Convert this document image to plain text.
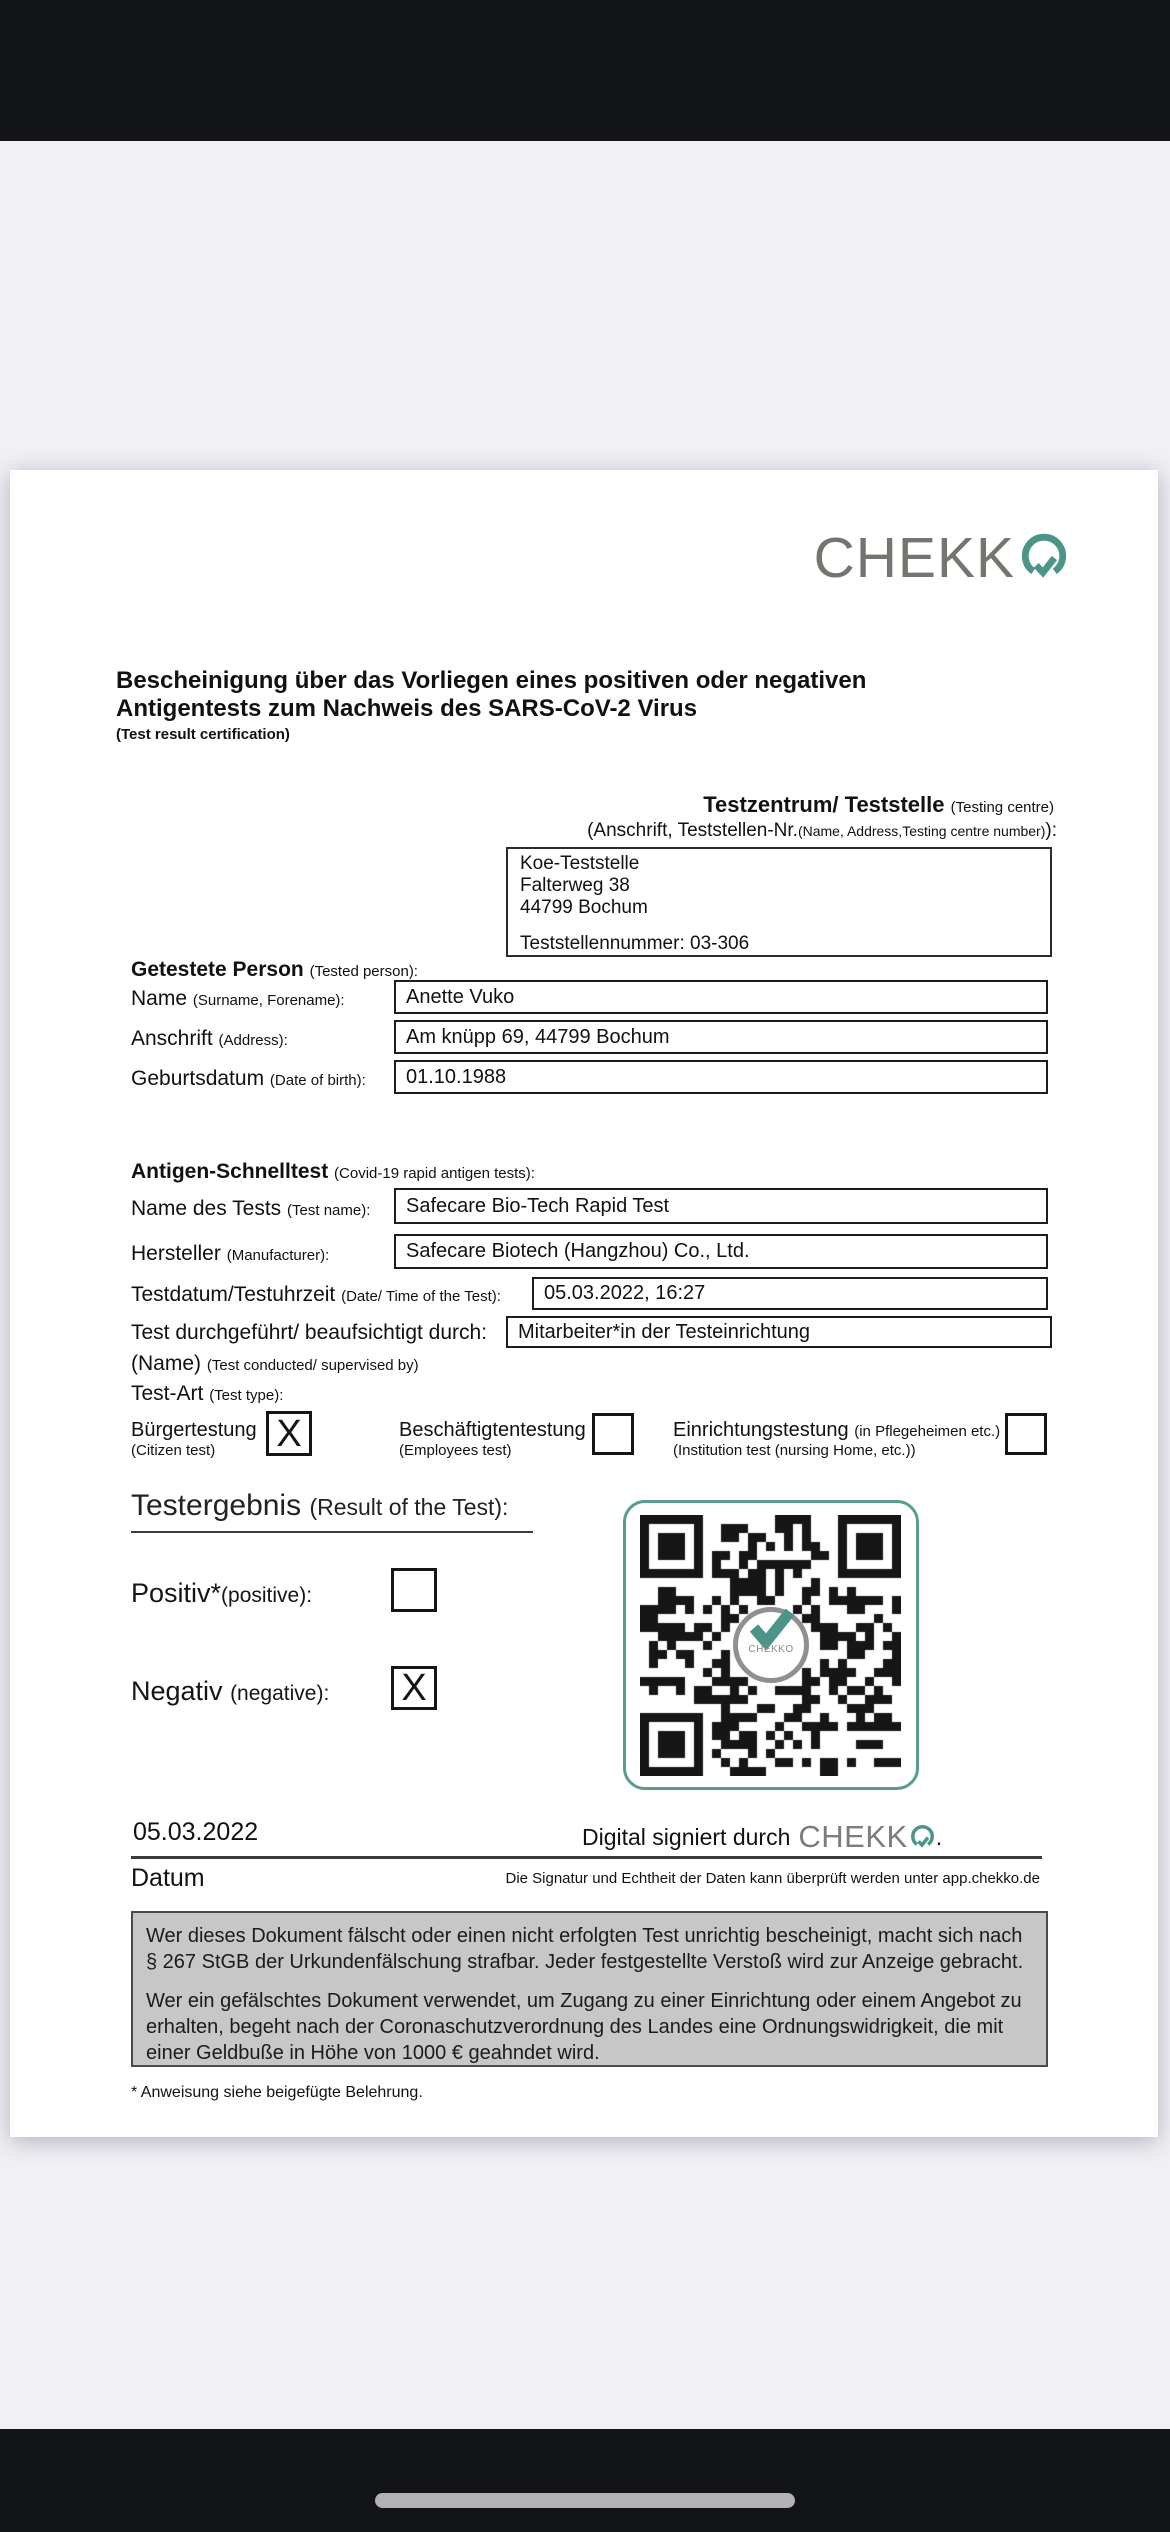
CHEKK
Bescheinigung über das Vorliegen eines positiven oder negativen
Antigentests zum Nachweis des SARS-CoV-2 Virus
(Test result certification)
Testzentrum/ Teststelle (Testing centre)
(Anschrift, Teststellen-Nr.(Name, Address,Testing centre number)):
Koe-Teststelle
Falterweg 38
44799 Bochum
Teststellennummer: 03-306
Getestete Person (Tested person):
Name (Surname, Forename):	Anette Vuko
Anschrift (Address):	Am knüpp 69, 44799 Bochum
Geburtsdatum (Date of birth): 01.10.1988
Antigen-Schnelltest (Covid-19 rapid antigen tests):
Name des Tests (Test name): Safecare Bio-Tech Rapid Test
Hersteller (Manufacturer):	Safecare Biotech (Hangzhou) Co., Ltd.
Testdatum/Testuhrzeit (Date/ Time of the Test): 05.03.2022, 16:27
Test durchgeführt/ beaufsichtigt durch: Mitarbeiter*in der Testeinrichtung
(Name) (Test conducted/ supervised by)
Test-Art (Test type):
Bürgertestung
(Citizen test)	X	Beschäftigtentestung
(Employees test)
Einrichtungstestung (in Pflegeheimen etc.)
(Institution test (nursing Home, etc.))
Testergebnis (Result of the Test):
Positiv*(positive):
Negativ (negative): X
CHEKKO
Digital signiert durch CHEKK .
05.03.2022
Datum	Die Signatur und Echtheit der Daten kann überprüft werden unter app.chekko.de

Wer dieses Dokument fälscht oder einen nicht erfolgten Test unrichtig bescheinigt, macht sich nach § 267 StGB der Urkundenfälschung strafbar. Jeder festgestellte Verstoß wird zur Anzeige gebracht.

Wer ein gefälschtes Dokument verwendet, um Zugang zu einer Einrichtung oder einem Angebot zu erhalten, begeht nach der Coronaschutzverordnung des Landes eine Ordnungswidrigkeit, die mit einer Geldbuße in Höhe von 1000 € geahndet wird.

* Anweisung siehe beigefügte Belehrung.
